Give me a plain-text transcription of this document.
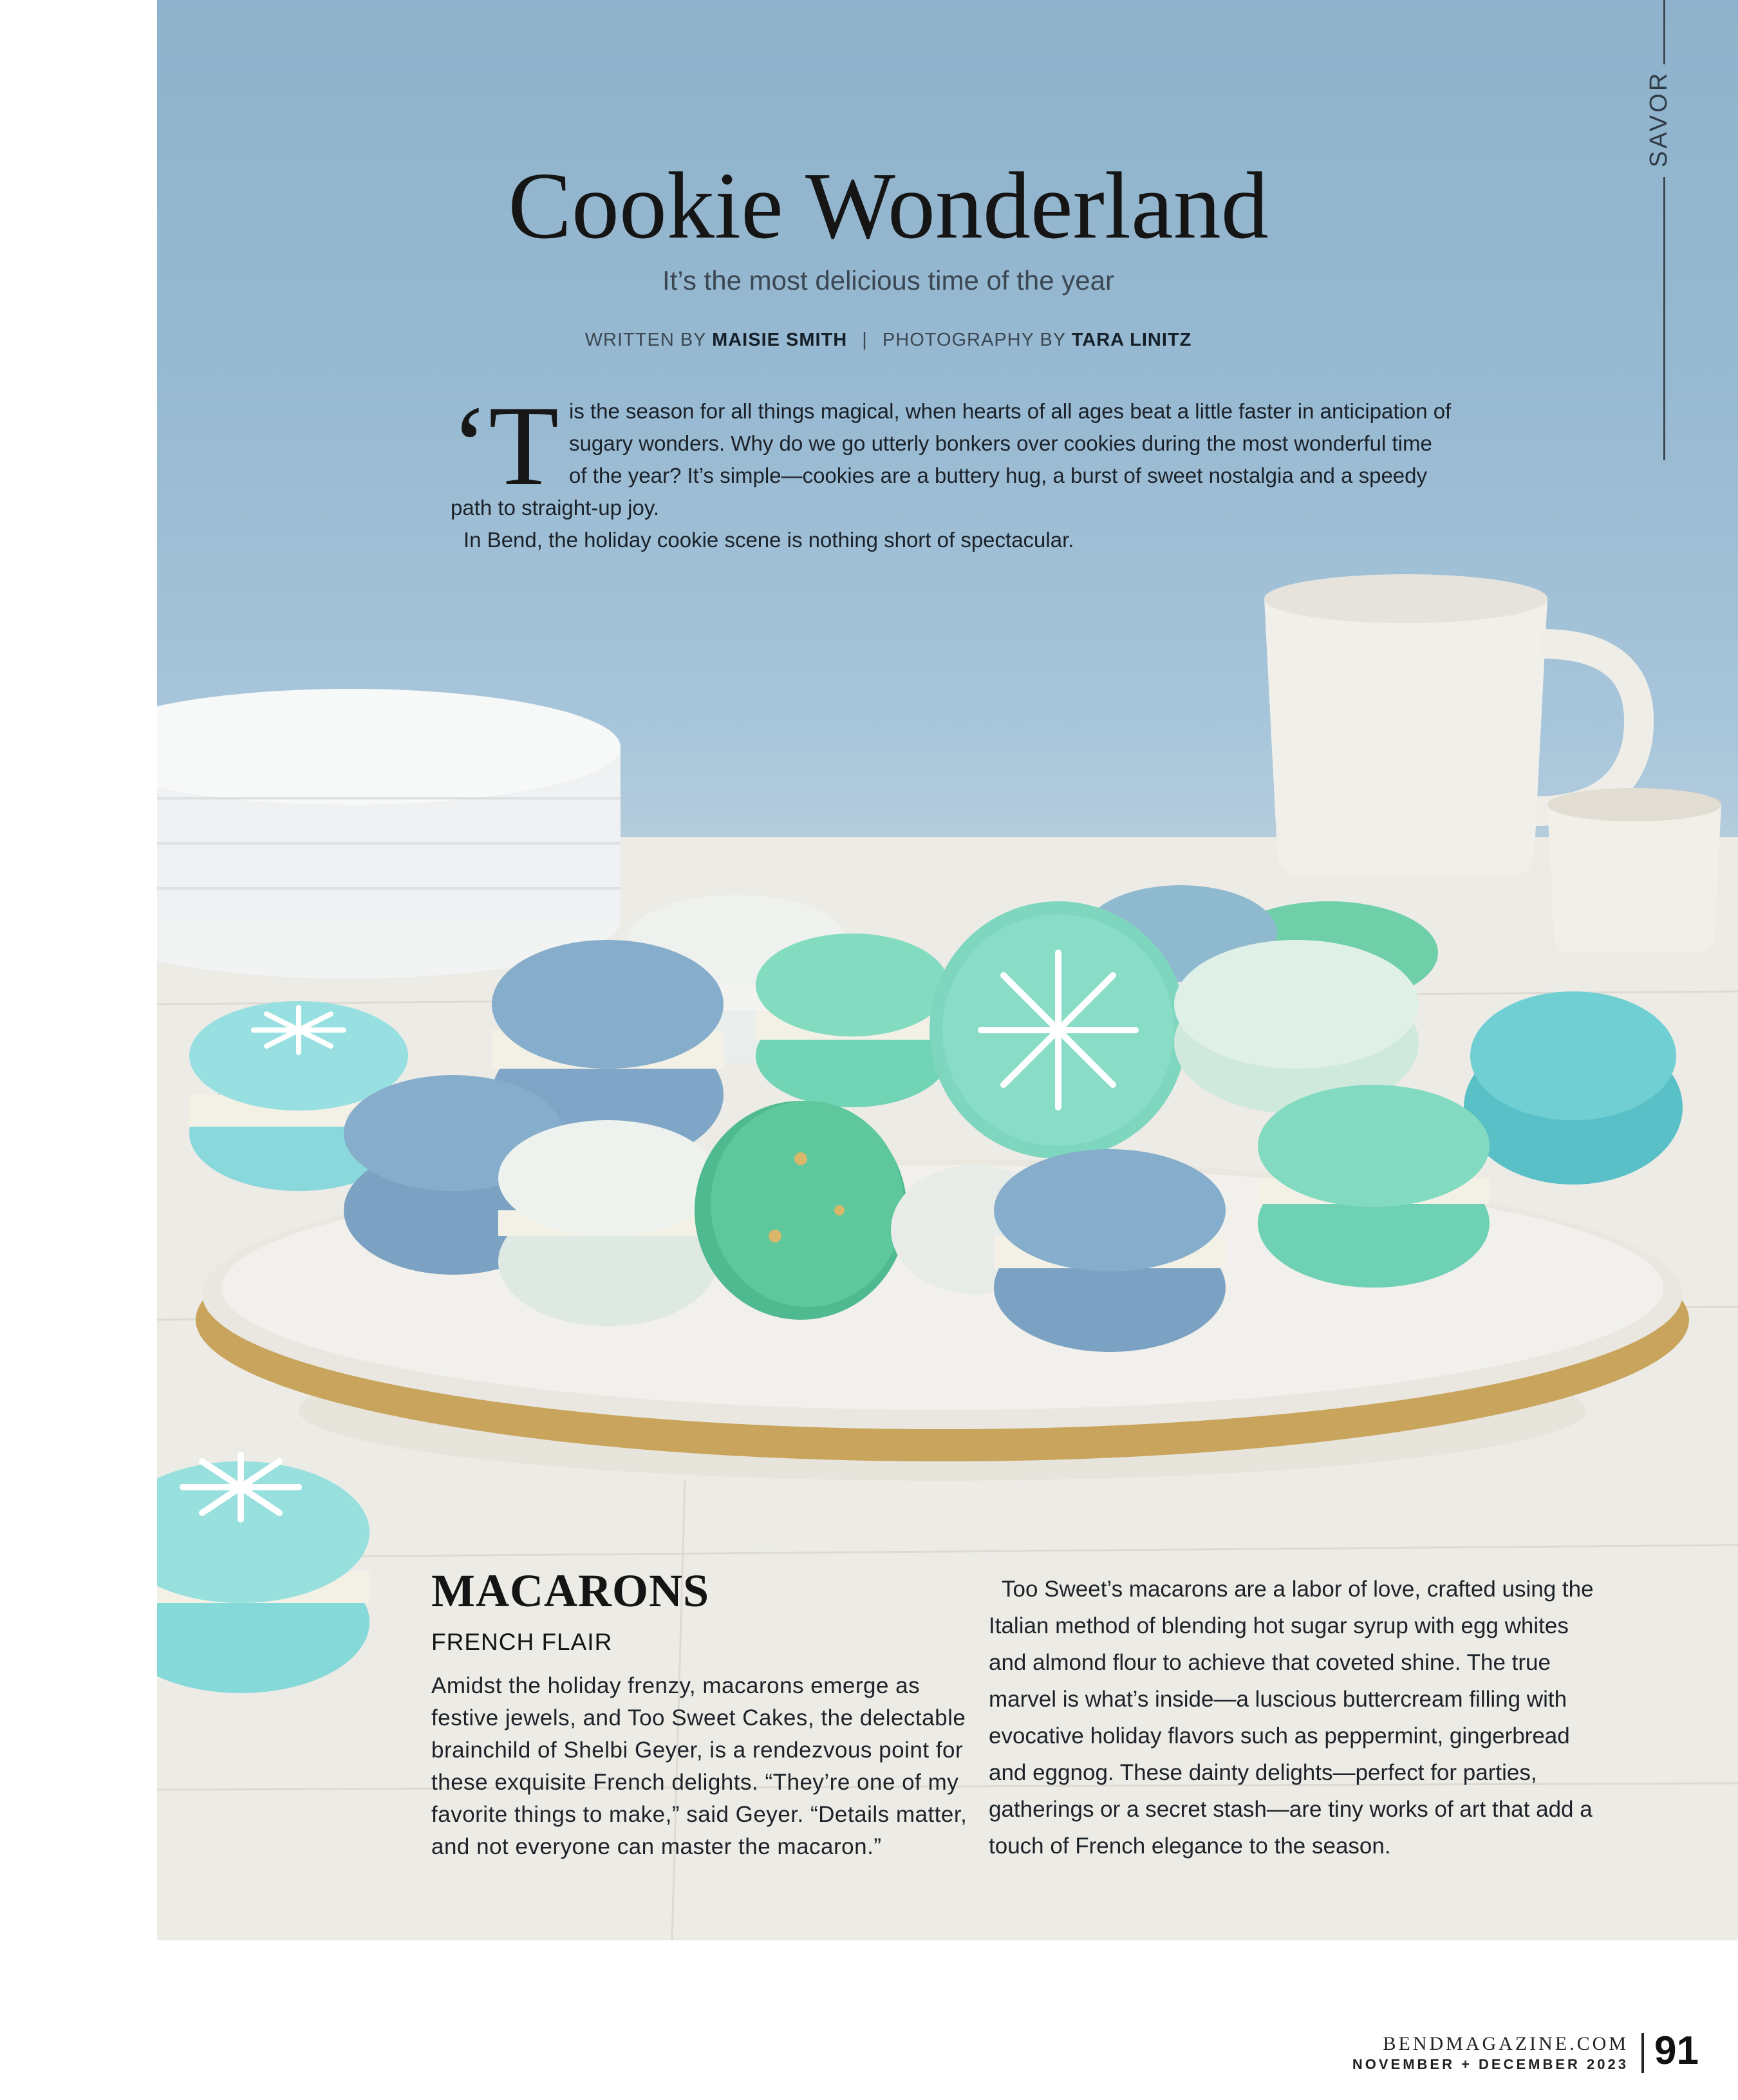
SAVOR
Cookie Wonderland
It’s the most delicious time of the year
WRITTEN BY MAISIE SMITH | PHOTOGRAPHY BY TARA LINITZ
‘T is the season for all things magical, when hearts of all ages beat a little faster in anticipation of sugary wonders. Why do we go utterly bonkers over cookies during the most wonderful time of the year? It’s simple—cookies are a buttery hug, a burst of sweet nostalgia and a speedy path to straight-up joy.

In Bend, the holiday cookie scene is nothing short of spectacular.

MACARONS
FRENCH FLAIR
Amidst the holiday frenzy, macarons emerge as festive jewels, and Too Sweet Cakes, the delectable brainchild of Shelbi Geyer, is a rendezvous point for these exquisite French delights. “They’re one of my favorite things to make,” said Geyer. “Details matter, and not everyone can master the macaron.”
Too Sweet’s macarons are a labor of love, crafted using the Italian method of blending hot sugar syrup with egg whites and almond flour to achieve that coveted shine. The true marvel is what’s inside—a luscious buttercream filling with evocative holiday flavors such as peppermint, gingerbread and eggnog. These dainty delights—perfect for parties, gatherings or a secret stash—are tiny works of art that add a touch of French elegance to the season.
BENDMAGAZINE.COM
NOVEMBER + DECEMBER 2023 91
